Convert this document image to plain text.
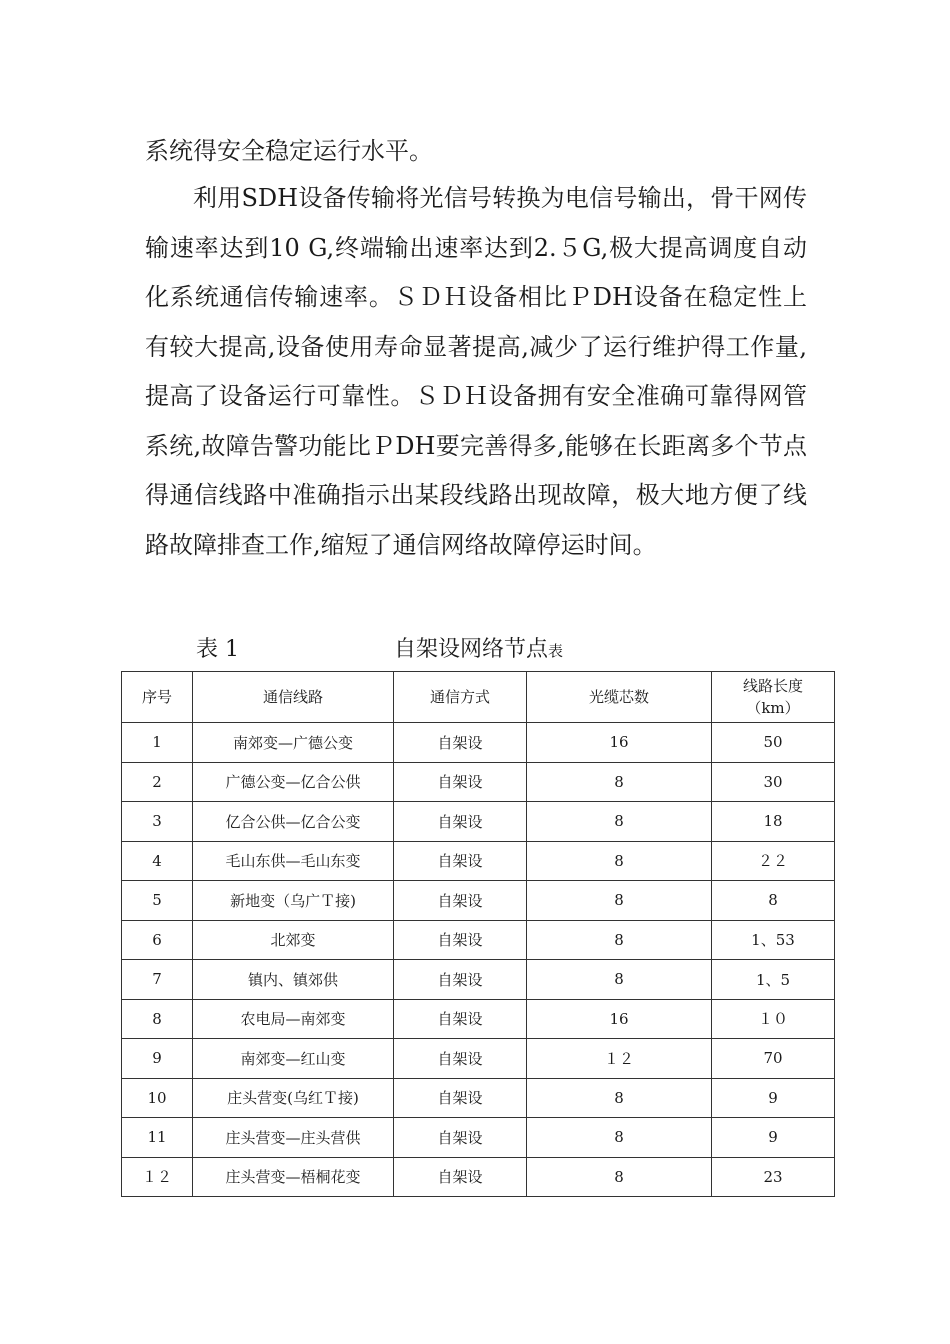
系统得安全稳定运行水平。

利用SDH设备传输将光信号转换为电信号输出，骨干网传输速率达到10 G,终端输出速率达到2.５G,极大提高调度自动化系统通信传输速率。ＳＤＨ设备相比ＰDH设备在稳定性上有较大提高,设备使用寿命显著提高,减少了运行维护得工作量,提高了设备运行可靠性。ＳＤＨ设备拥有安全准确可靠得网管系统,故障告警功能比ＰDH要完善得多,能够在长距离多个节点得通信线路中准确指示出某段线路出现故障，极大地方便了线路故障排查工作,缩短了通信网络故障停运时间。

表 1	自架设网络节点表
序号	通信线路	通信方式	光缆芯数	线路长度
（km）
1	南郊变—广德公变	自架设	16	50
2	广德公变—亿合公供	自架设	8	30
3	亿合公供—亿合公变	自架设	8	18
4	毛山东供—毛山东变	自架设	8	２２
5	新地变（乌广Ｔ接)	自架设	8	8
6	北郊变	自架设	8	1、53
7	镇内、镇郊供	自架设	8	1、5
8	农电局—南郊变	自架设	16	１０
9	南郊变—红山变	自架设	１２	70
10	庄头营变(乌红Ｔ接)	自架设	8	9
11	庄头营变—庄头营供	自架设	8	9
１２	庄头营变—梧桐花变	自架设	8	23
